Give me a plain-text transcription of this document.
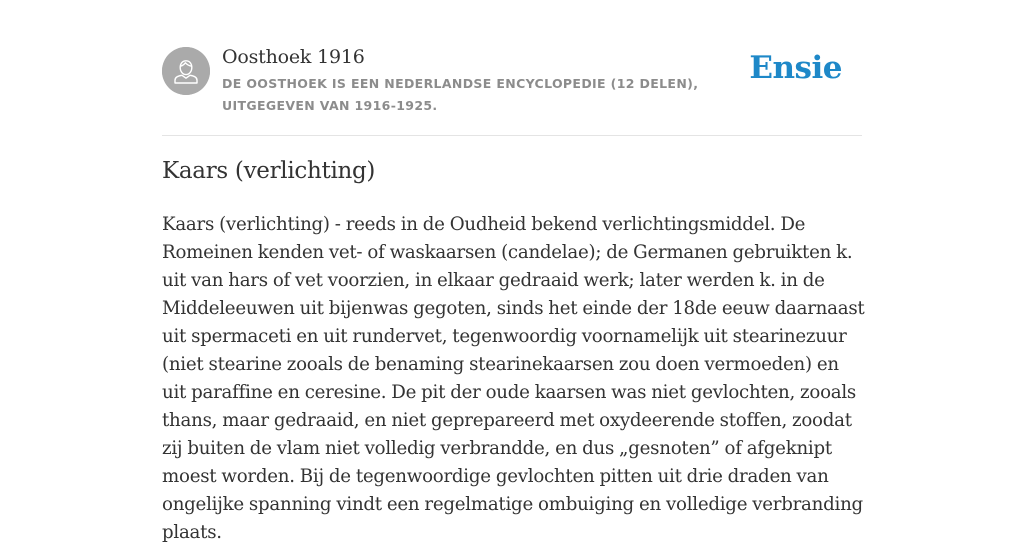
Oosthoek 1916
DE OOSTHOEK IS EEN NEDERLANDSE ENCYCLOPEDIE (12 DELEN), UITGEGEVEN VAN 1916-1925.
Ensie
Kaars (verlichting)

Kaars (verlichting) - reeds in de Oudheid bekend verlichtingsmiddel. De Romeinen kenden vet- of waskaarsen (candelae); de Germanen gebruikten k. uit van hars of vet voorzien, in elkaar gedraaid werk; later werden k. in de Middeleeuwen uit bijenwas gegoten, sinds het einde der 18de eeuw daarnaast uit spermaceti en uit rundervet, tegenwoordig voornamelijk uit stearinezuur (niet stearine zooals de benaming stearinekaarsen zou doen vermoeden) en uit paraffine en ceresine. De pit der oude kaarsen was niet gevlochten, zooals thans, maar gedraaid, en niet geprepareerd met oxydeerende stoffen, zoodat zij buiten de vlam niet volledig verbrandde, en dus „gesnoten” of afgeknipt moest worden. Bij de tegenwoordige gevlochten pitten uit drie draden van ongelijke spanning vindt een regelmatige ombuiging en volledige verbranding plaats.
